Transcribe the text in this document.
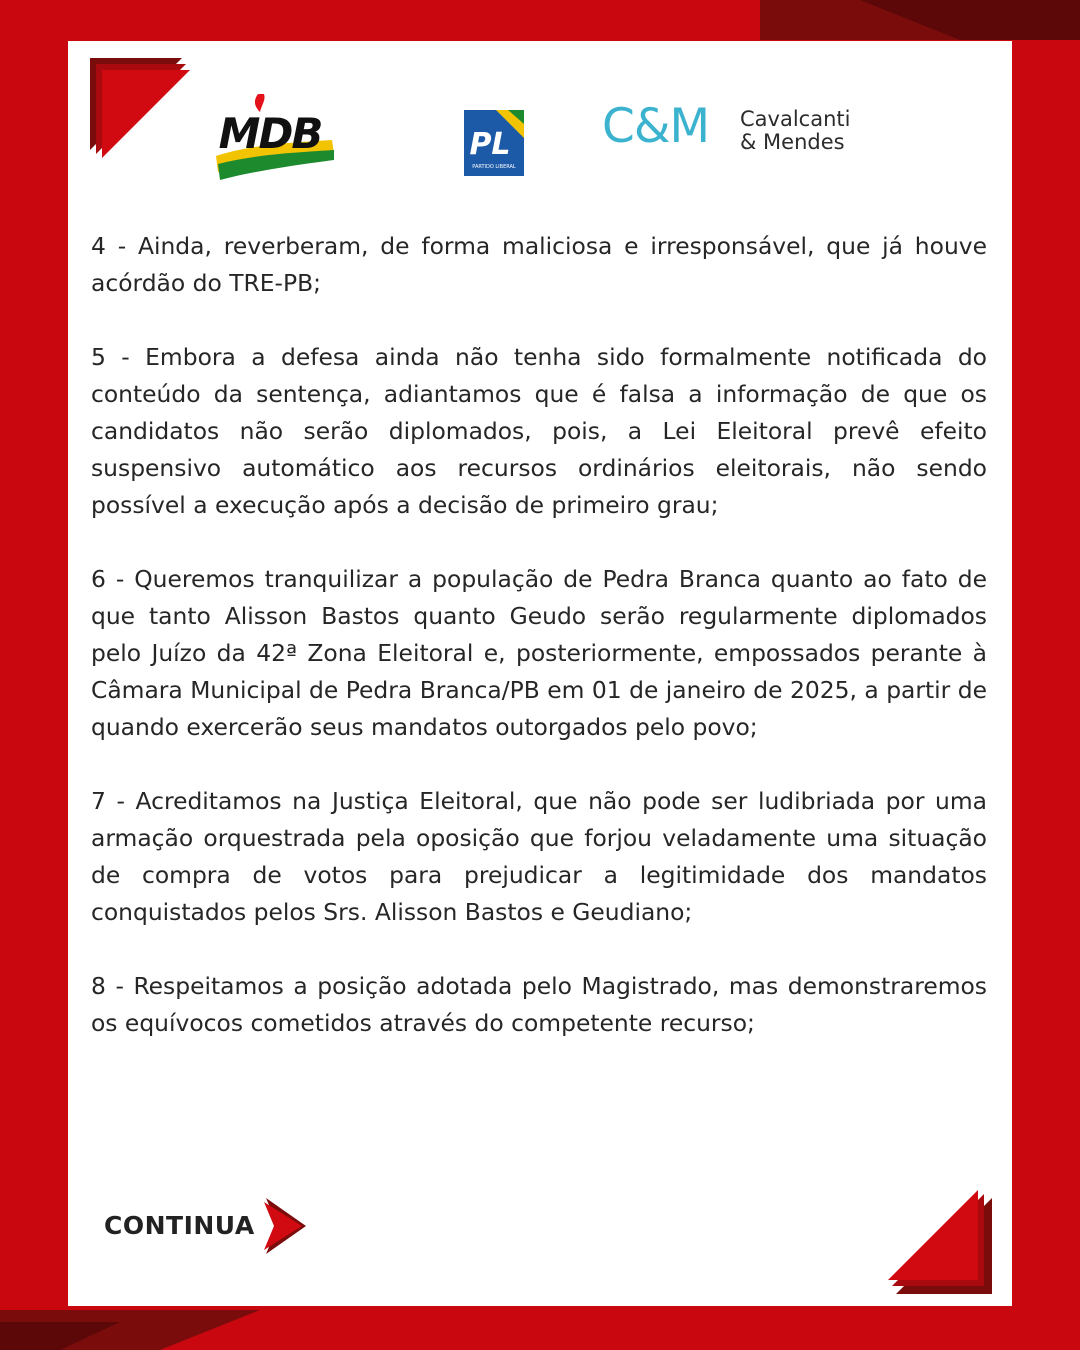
MDB	PL
PARTIDO LIBERAL
C&M Cavalcanti
& Mendes

4 - Ainda, reverberam, de forma maliciosa e irresponsável, que já houve acórdão do TRE-PB;

5 - Embora a defesa ainda não tenha sido formalmente notificada do conteúdo da sentença, adiantamos que é falsa a informação de que os candidatos não serão diplomados, pois, a Lei Eleitoral prevê efeito suspensivo automático aos recursos ordinários eleitorais, não sendo possível a execução após a decisão de primeiro grau;

6 - Queremos tranquilizar a população de Pedra Branca quanto ao fato de que tanto Alisson Bastos quanto Geudo serão regularmente diplomados pelo Juízo da 42ª Zona Eleitoral e, posteriormente, empossados perante à Câmara Municipal de Pedra Branca/PB em 01 de janeiro de 2025, a partir de quando exercerão seus mandatos outorgados pelo povo;

7 - Acreditamos na Justiça Eleitoral, que não pode ser ludibriada por uma armação orquestrada pela oposição que forjou veladamente uma situação de compra de votos para prejudicar a legitimidade dos mandatos conquistados pelos Srs. Alisson Bastos e Geudiano;

8 - Respeitamos a posição adotada pelo Magistrado, mas demonstraremos os equívocos cometidos através do competente recurso;

CONTINUA
